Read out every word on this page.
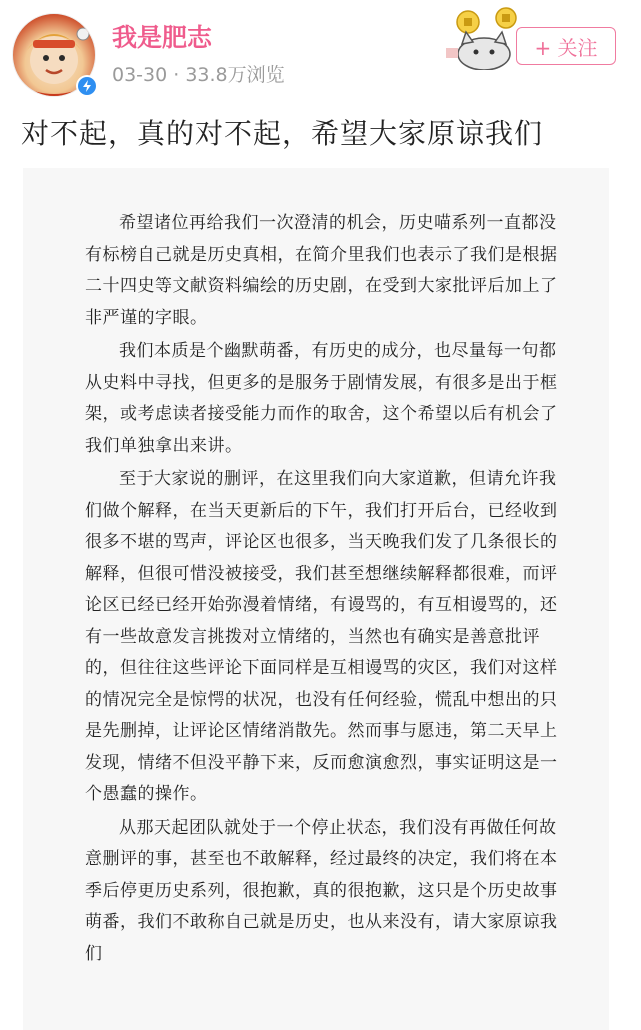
我是肥志
03-30 · 33.8万浏览
+ 关注
对不起，真的对不起，希望大家原谅我们

希望诸位再给我们一次澄清的机会，历史喵系列一直都没有标榜自己就是历史真相，在简介里我们也表示了我们是根据二十四史等文献资料编绘的历史剧，在受到大家批评后加上了非严谨的字眼。

我们本质是个幽默萌番，有历史的成分，也尽量每一句都从史料中寻找，但更多的是服务于剧情发展，有很多是出于框架，或考虑读者接受能力而作的取舍，这个希望以后有机会了我们单独拿出来讲。

至于大家说的删评，在这里我们向大家道歉，但请允许我们做个解释，在当天更新后的下午，我们打开后台，已经收到很多不堪的骂声，评论区也很多，当天晚我们发了几条很长的解释，但很可惜没被接受，我们甚至想继续解释都很难，而评论区已经已经开始弥漫着情绪，有谩骂的，有互相谩骂的，还有一些故意发言挑拨对立情绪的，当然也有确实是善意批评的，但往往这些评论下面同样是互相谩骂的灾区，我们对这样的情况完全是惊愕的状况，也没有任何经验，慌乱中想出的只是先删掉，让评论区情绪消散先。然而事与愿违，第二天早上发现，情绪不但没平静下来，反而愈演愈烈，事实证明这是一个愚蠢的操作。

从那天起团队就处于一个停止状态，我们没有再做任何故意删评的事，甚至也不敢解释，经过最终的决定，我们将在本季后停更历史系列，很抱歉，真的很抱歉，这只是个历史故事萌番，我们不敢称自己就是历史，也从来没有，请大家原谅我们
